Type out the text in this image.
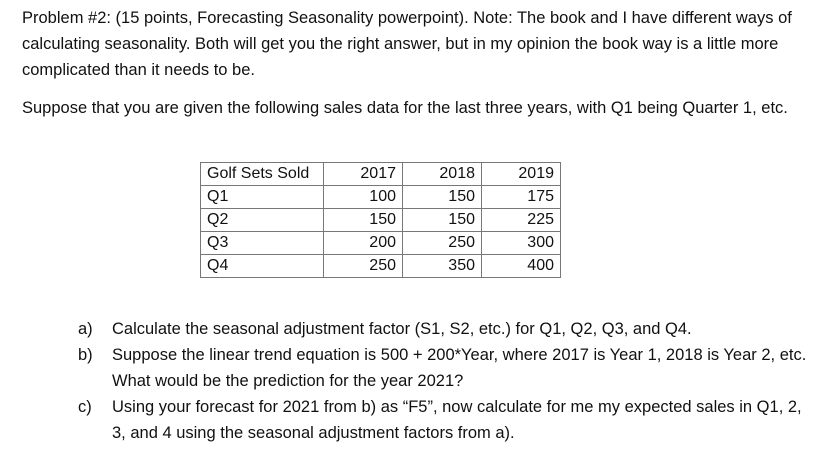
Problem #2: (15 points, Forecasting Seasonality powerpoint). Note: The book and I have different ways of calculating seasonality. Both will get you the right answer, but in my opinion the book way is a little more complicated than it needs to be.

Suppose that you are given the following sales data for the last three years, with Q1 being Quarter 1, etc.

Golf Sets Sold	2017	2018	2019
Q1	100	150	175
Q2	150	150	225
Q3	200	250	300
Q4	250	350	400
a) Calculate the seasonal adjustment factor (S1, S2, etc.) for Q1, Q2, Q3, and Q4.
b) Suppose the linear trend equation is 500 + 200*Year, where 2017 is Year 1, 2018 is Year 2, etc. What would be the prediction for the year 2021?
c) Using your forecast for 2021 from b) as “F5”, now calculate for me my expected sales in Q1, 2, 3, and 4 using the seasonal adjustment factors from a).
